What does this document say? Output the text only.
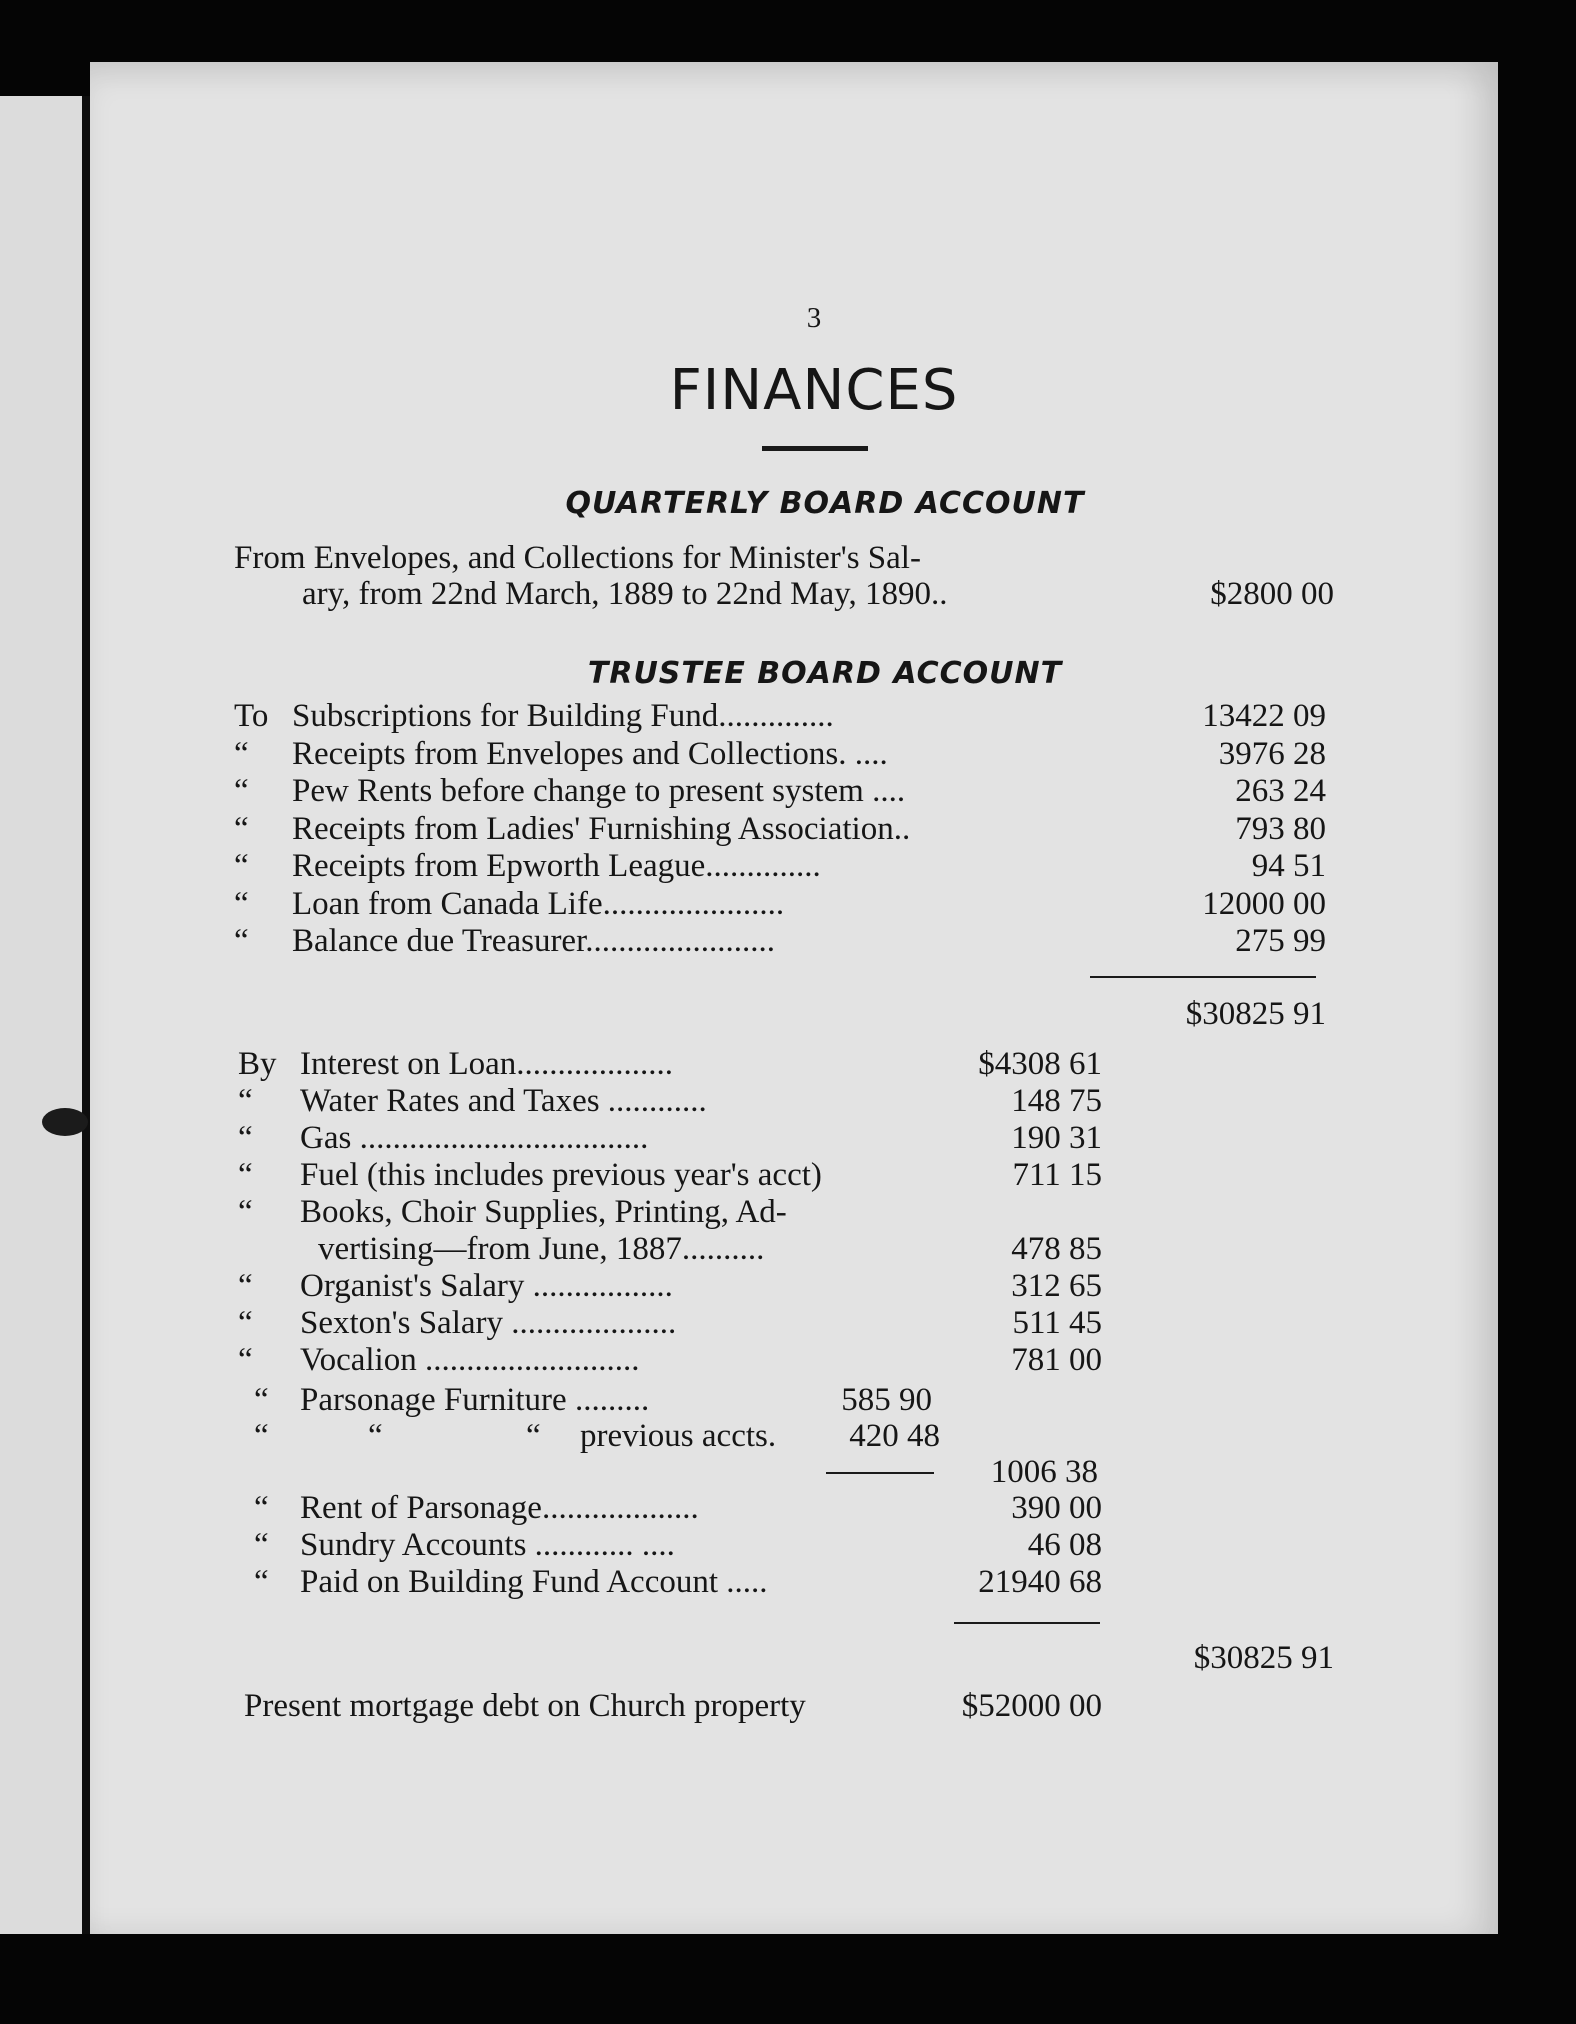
3
FINANCES
QUARTERLY BOARD ACCOUNT
From Envelopes, and Collections for Minister's Sal-
ary, from 22nd March, 1889 to 22nd May, 1890..	$2800 00
TRUSTEE BOARD ACCOUNT
To Subscriptions for Building Fund..............	13422 09
“ Receipts from Envelopes and Collections. ....	3976 28
“ Pew Rents before change to present system ....	263 24
“ Receipts from Ladies' Furnishing Association..	793 80
“ Receipts from Epworth League..............	94 51
“ Loan from Canada Life......................	12000 00
“ Balance due Treasurer.......................	275 99
$30825 91
By Interest on Loan...................	$4308 61
“ Water Rates and Taxes ............	148 75
“ Gas ...................................	190 31
“ Fuel (this includes previous year's acct)	711 15
“ Books, Choir Supplies, Printing, Ad-
vertising—from June, 1887..........	478 85
“ Organist's Salary .................	312 65
“ Sexton's Salary ....................	511 45
“ Vocalion ..........................	781 00
“ Parsonage Furniture .........	585 90
“	“	“ previous accts.	420 48
1006 38
“ Rent of Parsonage...................	390 00
“ Sundry Accounts ............ ....	46 08
“ Paid on Building Fund Account .....	21940 68
$30825 91
Present mortgage debt on Church property	$52000 00
